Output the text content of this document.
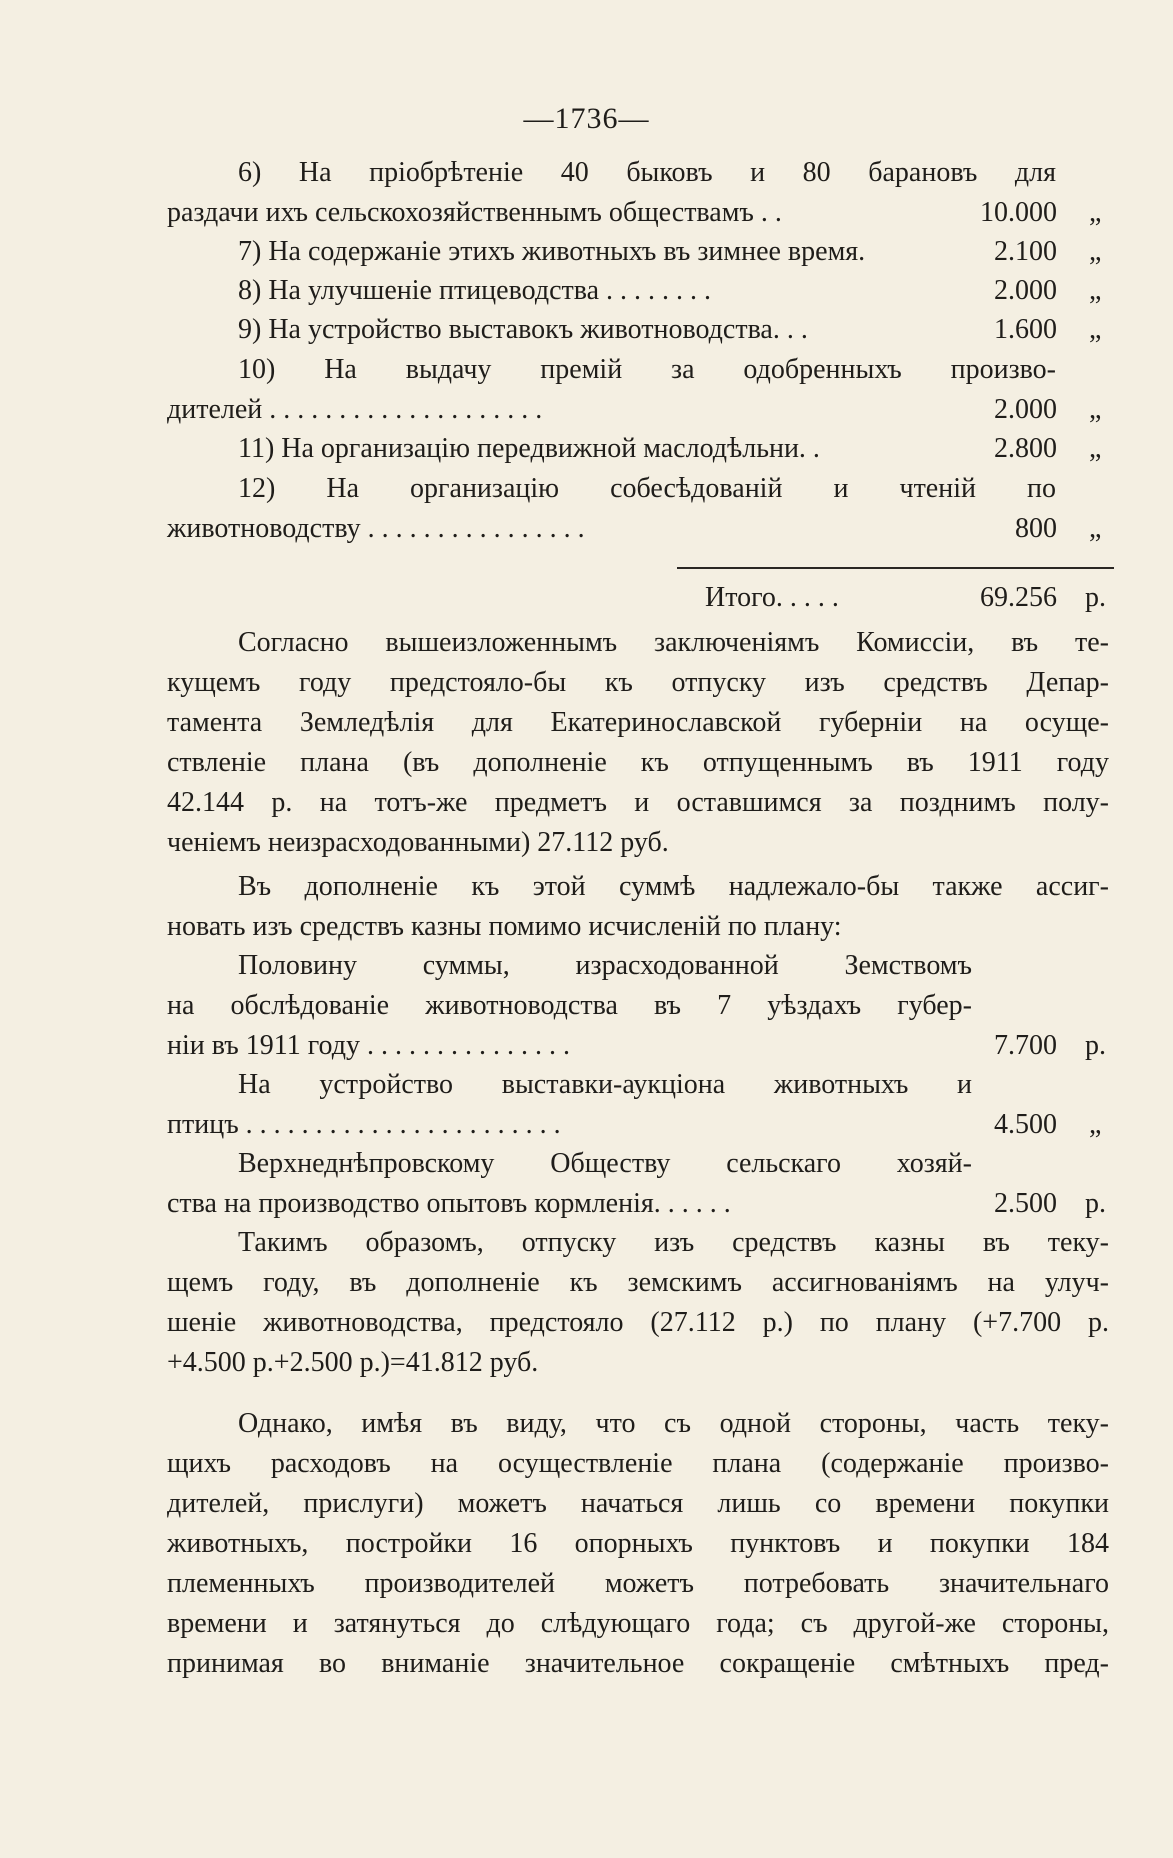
—1736—
6) На пріобрѣтеніе 40 быковъ и 80 барановъ для
раздачи ихъ сельскохозяйственнымъ обществамъ . .	10.000 „
7) На содержаніе этихъ животныхъ въ зимнее время.	2.100 „
8) На улучшеніе птицеводства . . . . . . . .	2.000 „
9) На устройство выставокъ животноводства. . .	1.600 „
10) На выдачу премій за одобренныхъ произво-
дителей . . . . . . . . . . . . . . . . . . . .	2.000 „
11) На организацію передвижной маслодѣльни. .	2.800 „
12) На организацію собесѣдованій и чтеній по
животноводству . . . . . . . . . . . . . . . .	800 „
Итого. . . . .	69.256 р.
Согласно вышеизложеннымъ заключеніямъ Комиссіи, въ те-
кущемъ году предстояло-бы къ отпуску изъ средствъ Депар-
тамента Земледѣлія для Екатеринославской губерніи на осуще-
ствленіе плана (въ дополненіе къ отпущеннымъ въ 1911 году
42.144 р. на тотъ-же предметъ и оставшимся за позднимъ полу-
ченіемъ неизрасходованными) 27.112 руб.
Въ дополненіе къ этой суммѣ надлежало-бы также ассиг-
новать изъ средствъ казны помимо исчисленій по плану:
Половину суммы, израсходованной Земствомъ
на обслѣдованіе животноводства въ 7 уѣздахъ губер-
ніи въ 1911 году . . . . . . . . . . . . . . .	7.700 р.
На устройство выставки-аукціона животныхъ и
птицъ . . . . . . . . . . . . . . . . . . . . . . .	4.500 „
Верхнеднѣпровскому Обществу сельскаго хозяй-
ства на производство опытовъ кормленія. . . . . .	2.500 р.
Такимъ образомъ, отпуску изъ средствъ казны въ теку-
щемъ году, въ дополненіе къ земскимъ ассигнованіямъ на улуч-
шеніе животноводства, предстояло (27.112 р.) по плану (+7.700 р.
+4.500 р.+2.500 р.)=41.812 руб.
Однако, имѣя въ виду, что съ одной стороны, часть теку-
щихъ расходовъ на осуществленіе плана (содержаніе произво-
дителей, прислуги) можетъ начаться лишь со времени покупки
животныхъ, постройки 16 опорныхъ пунктовъ и покупки 184
племенныхъ производителей можетъ потребовать значительнаго
времени и затянуться до слѣдующаго года; съ другой-же стороны,
принимая во вниманіе значительное сокращеніе смѣтныхъ пред-
